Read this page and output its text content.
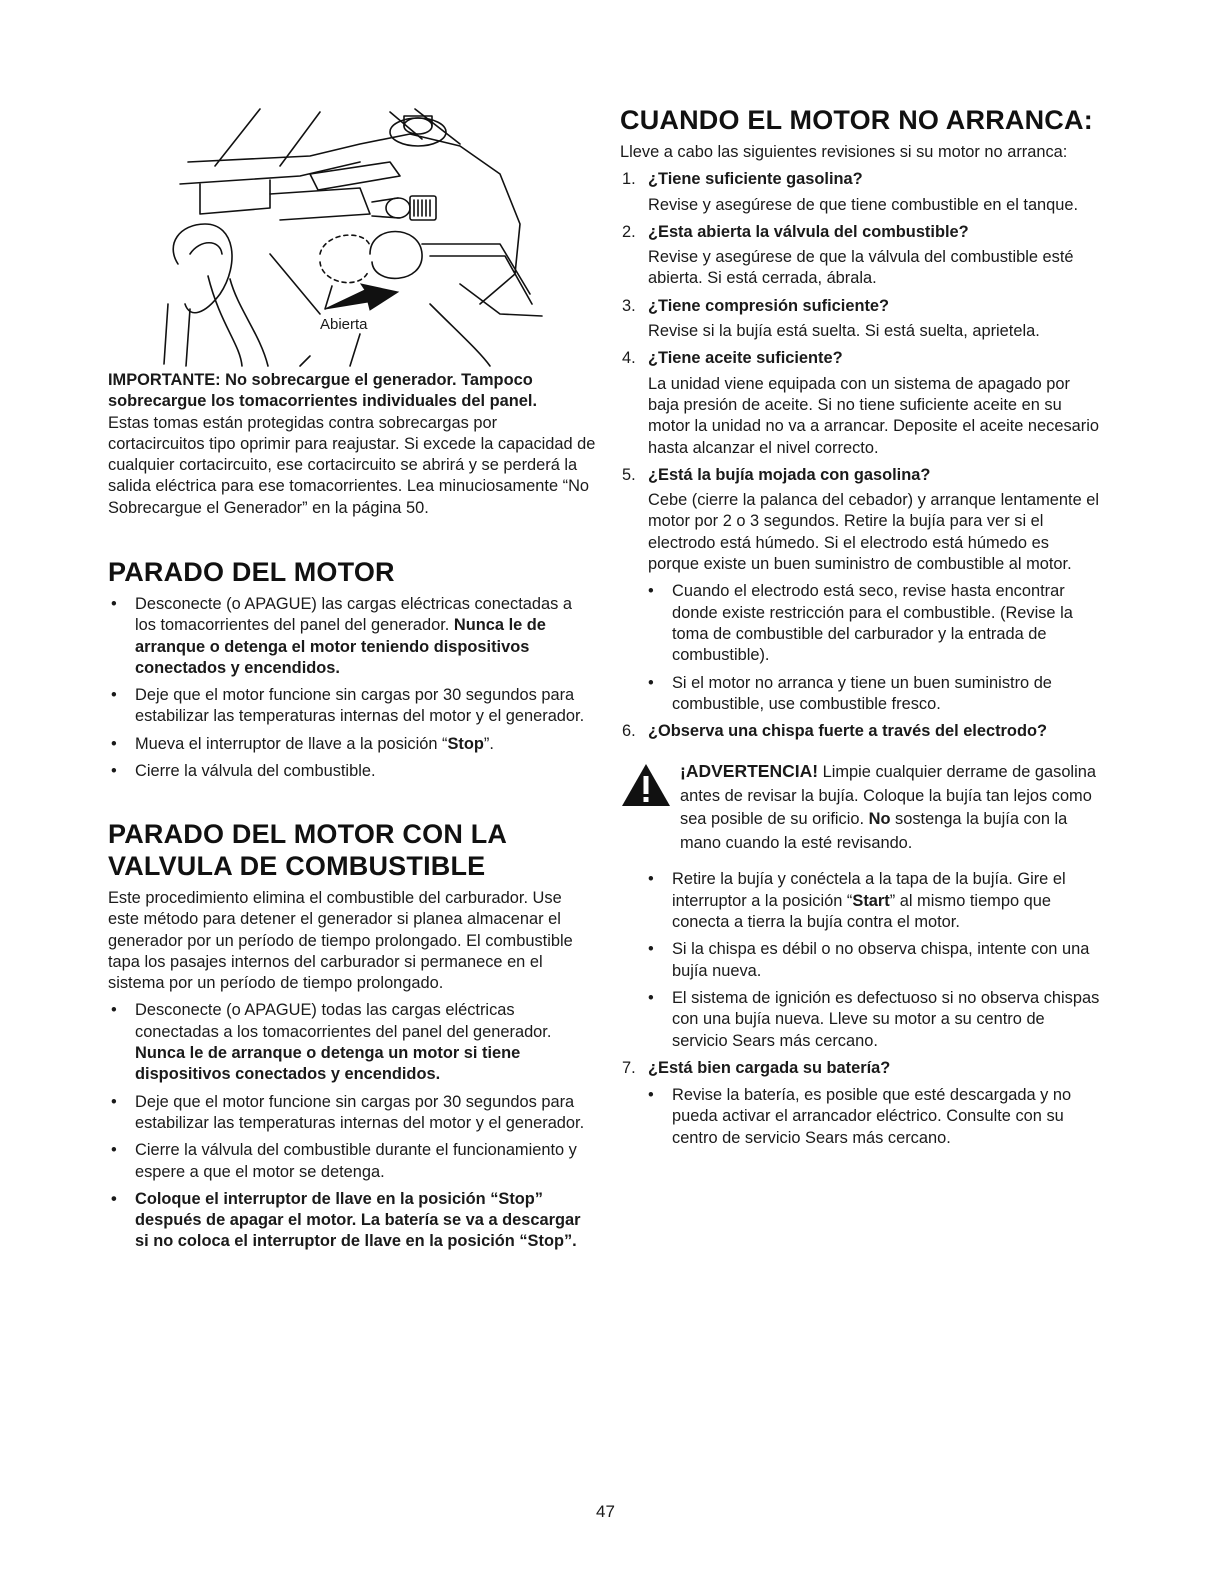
Abierta

IMPORTANTE: No sobrecargue el generador. Tampoco sobrecargue los tomacorrientes individuales del panel.

Estas tomas están protegidas contra sobrecargas por cortacircuitos tipo oprimir para reajustar. Si excede la capacidad de cualquier cortacircuito, ese cortacircuito se abrirá y se perderá la salida eléctrica para ese tomacorrientes. Lea minuciosamente “No Sobrecargue el Generador” en la página 50.

PARADO DEL MOTOR
• Desconecte (o APAGUE) las cargas eléctricas conectadas a los tomacorrientes del panel del generador. Nunca le de arranque o detenga el motor teniendo dispositivos conectados y encendidos.
• Deje que el motor funcione sin cargas por 30 segundos para estabilizar las temperaturas internas del motor y el generador.
• Mueva el interruptor de llave a la posición “Stop”.
• Cierre la válvula del combustible.
PARADO DEL MOTOR CON LA
VALVULA DE COMBUSTIBLE

Este procedimiento elimina el combustible del carburador. Use este método para detener el generador si planea almacenar el generador por un período de tiempo prolongado. El combustible tapa los pasajes internos del carburador si permanece en el sistema por un período de tiempo prolongado.

• Desconecte (o APAGUE) todas las cargas eléctricas conectadas a los tomacorrientes del panel del generador. Nunca le de arranque o detenga un motor si tiene dispositivos conectados y encendidos.
• Deje que el motor funcione sin cargas por 30 segundos para estabilizar las temperaturas internas del motor y el generador.
• Cierre la válvula del combustible durante el funcionamiento y espere a que el motor se detenga.
• Coloque el interruptor de llave en la posición “Stop” después de apagar el motor. La batería se va a descargar si no coloca el interruptor de llave en la posición “Stop”.
CUANDO EL MOTOR NO ARRANCA:

Lleve a cabo las siguientes revisiones si su motor no arranca:

1. ¿Tiene suficiente gasolina?

Revise y asegúrese de que tiene combustible en el tanque.

2. ¿Esta abierta la válvula del combustible?

Revise y asegúrese de que la válvula del combustible esté abierta. Si está cerrada, ábrala.

3. ¿Tiene compresión suficiente?

Revise si la bujía está suelta. Si está suelta, aprietela.

4. ¿Tiene aceite suficiente?

La unidad viene equipada con un sistema de apagado por baja presión de aceite. Si no tiene suficiente aceite en su motor la unidad no va a arrancar. Deposite el aceite necesario hasta alcanzar el nivel correcto.

5. ¿Está la bujía mojada con gasolina?

Cebe (cierre la palanca del cebador) y arranque lentamente el motor por 2 o 3 segundos. Retire la bujía para ver si el electrodo está húmedo. Si el electrodo está húmedo es porque existe un buen suministro de combustible al motor.

• Cuando el electrodo está seco, revise hasta encontrar donde existe restricción para el combustible. (Revise la toma de combustible del carburador y la entrada de combustible).
• Si el motor no arranca y tiene un buen suministro de combustible, use combustible fresco.
6. ¿Observa una chispa fuerte a través del electrodo?
¡ADVERTENCIA! Limpie cualquier derrame de gasolina antes de revisar la bujía. Coloque la bujía tan lejos como sea posible de su orificio. No sostenga la bujía con la mano cuando la esté revisando.
• Retire la bujía y conéctela a la tapa de la bujía. Gire el interruptor a la posición “Start” al mismo tiempo que conecta a tierra la bujía contra el motor.
• Si la chispa es débil o no observa chispa, intente con una bujía nueva.
• El sistema de ignición es defectuoso si no observa chispas con una bujía nueva. Lleve su motor a su centro de servicio Sears más cercano.
7. ¿Está bien cargada su batería?
• Revise la batería, es posible que esté descargada y no pueda activar el arrancador eléctrico. Consulte con su centro de servicio Sears más cercano.
47
